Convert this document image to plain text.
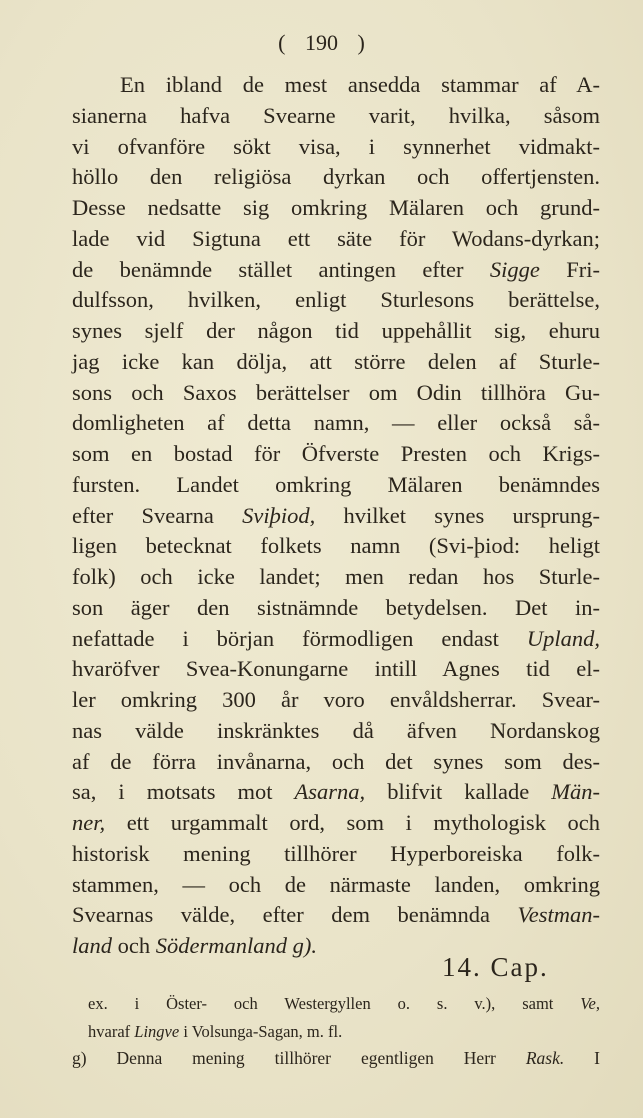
( 190 )
En ibland de mest ansedda stammar af A-
sianerna hafva Svearne varit, hvilka, såsom
vi ofvanföre sökt visa, i synnerhet vidmakt-
höllo den religiösa dyrkan och offertjensten.
Desse nedsatte sig omkring Mälaren och grund-
lade vid Sigtuna ett säte för Wodans-dyrkan;
de benämnde stället antingen efter Sigge Fri-
dulfsson, hvilken, enligt Sturlesons berättelse,
synes sjelf der någon tid uppehållit sig, ehuru
jag icke kan dölja, att större delen af Sturle-
sons och Saxos berättelser om Odin tillhöra Gu-
domligheten af detta namn, — eller också så-
som en bostad för Öfverste Presten och Krigs-
fursten. Landet omkring Mälaren benämndes
efter Svearna Sviþiod, hvilket synes ursprung-
ligen betecknat folkets namn (Svi-þiod: heligt
folk) och icke landet; men redan hos Sturle-
son äger den sistnämnde betydelsen. Det in-
nefattade i början förmodligen endast Upland,
hvaröfver Svea-Konungarne intill Agnes tid el-
ler omkring 300 år voro envåldsherrar. Svear-
nas välde inskränktes då äfven Nordanskog
af de förra invånarna, och det synes som des-
sa, i motsats mot Asarna, blifvit kallade Män-
ner, ett urgammalt ord, som i mythologisk och
historisk mening tillhörer Hyperboreiska folk-
stammen, — och de närmaste landen, omkring
Svearnas välde, efter dem benämnda Vestman-
land och Södermanland g).
14. Cap.
ex. i Öster- och Westergyllen o. s. v.), samt Ve,
hvaraf Lingve i Volsunga-Sagan, m. fl.
g) Denna mening tillhörer egentligen Herr Rask. I
